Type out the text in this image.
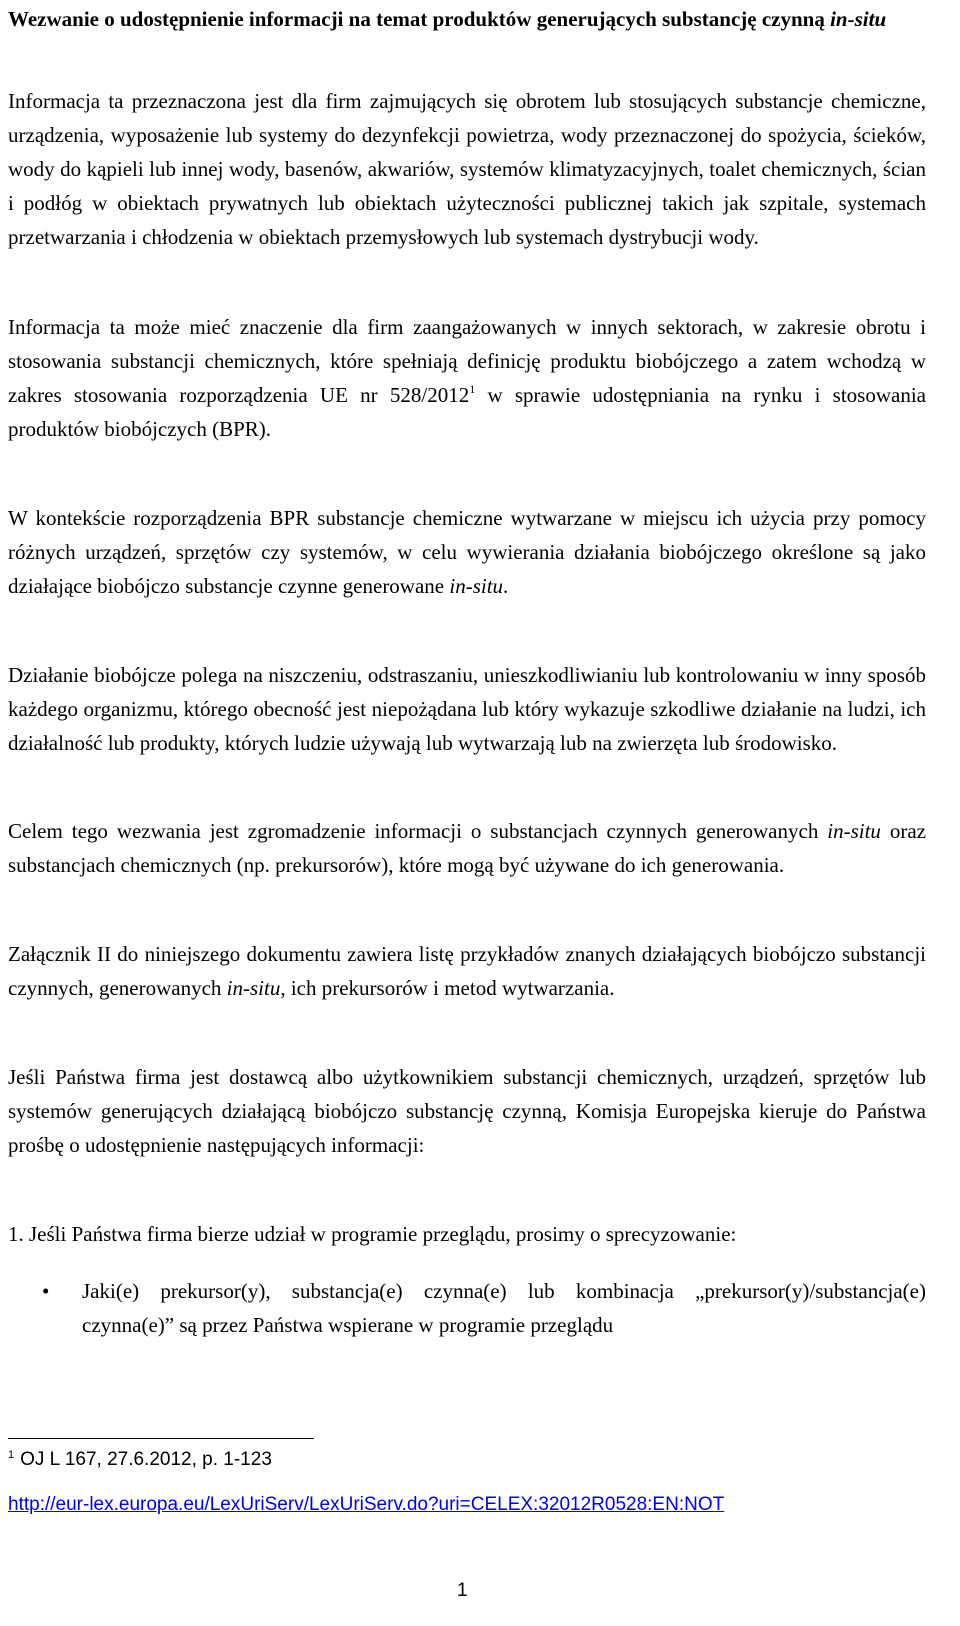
Wezwanie o udostępnienie informacji na temat produktów generujących substancję czynną in-situ

Informacja ta przeznaczona jest dla firm zajmujących się obrotem lub stosujących substancje chemiczne, urządzenia, wyposażenie lub systemy do dezynfekcji powietrza, wody przeznaczonej do spożycia, ścieków, wody do kąpieli lub innej wody, basenów, akwariów, systemów klimatyzacyjnych, toalet chemicznych, ścian i podłóg w obiektach prywatnych lub obiektach użyteczności publicznej takich jak szpitale, systemach przetwarzania i chłodzenia w obiektach przemysłowych lub systemach dystrybucji wody.

Informacja ta może mieć znaczenie dla firm zaangażowanych w innych sektorach, w zakresie obrotu i stosowania substancji chemicznych, które spełniają definicję produktu biobójczego a zatem wchodzą w zakres stosowania rozporządzenia UE nr 528/2012$^1$ w sprawie udostępniania na rynku i stosowania produktów biobójczych (BPR).

W kontekście rozporządzenia BPR substancje chemiczne wytwarzane w miejscu ich użycia przy pomocy różnych urządzeń, sprzętów czy systemów, w celu wywierania działania biobójczego określone są jako działające biobójczo substancje czynne generowane in-situ.

Działanie biobójcze polega na niszczeniu, odstraszaniu, unieszkodliwianiu lub kontrolowaniu w inny sposób każdego organizmu, którego obecność jest niepożądana lub który wykazuje szkodliwe działanie na ludzi, ich działalność lub produkty, których ludzie używają lub wytwarzają lub na zwierzęta lub środowisko.

Celem tego wezwania jest zgromadzenie informacji o substancjach czynnych generowanych in-situ oraz substancjach chemicznych (np. prekursorów), które mogą być używane do ich generowania.

Załącznik II do niniejszego dokumentu zawiera listę przykładów znanych działających biobójczo substancji czynnych, generowanych in-situ, ich prekursorów i metod wytwarzania.

Jeśli Państwa firma jest dostawcą albo użytkownikiem substancji chemicznych, urządzeń, sprzętów lub systemów generujących działającą biobójczo substancję czynną, Komisja Europejska kieruje do Państwa prośbę o udostępnienie następujących informacji:

1. Jeśli Państwa firma bierze udział w programie przeglądu, prosimy o sprecyzowanie:

• Jaki(e) prekursor(y), substancja(e) czynna(e) lub kombinacja „prekursor(y)/substancja(e) czynna(e)” są przez Państwa wspierane w programie przeglądu

$^1$ OJ L 167, 27.6.2012, p. 1-123
http://eur-lex.europa.eu/LexUriServ/LexUriServ.do?uri=CELEX:32012R0528:EN:NOT
1
